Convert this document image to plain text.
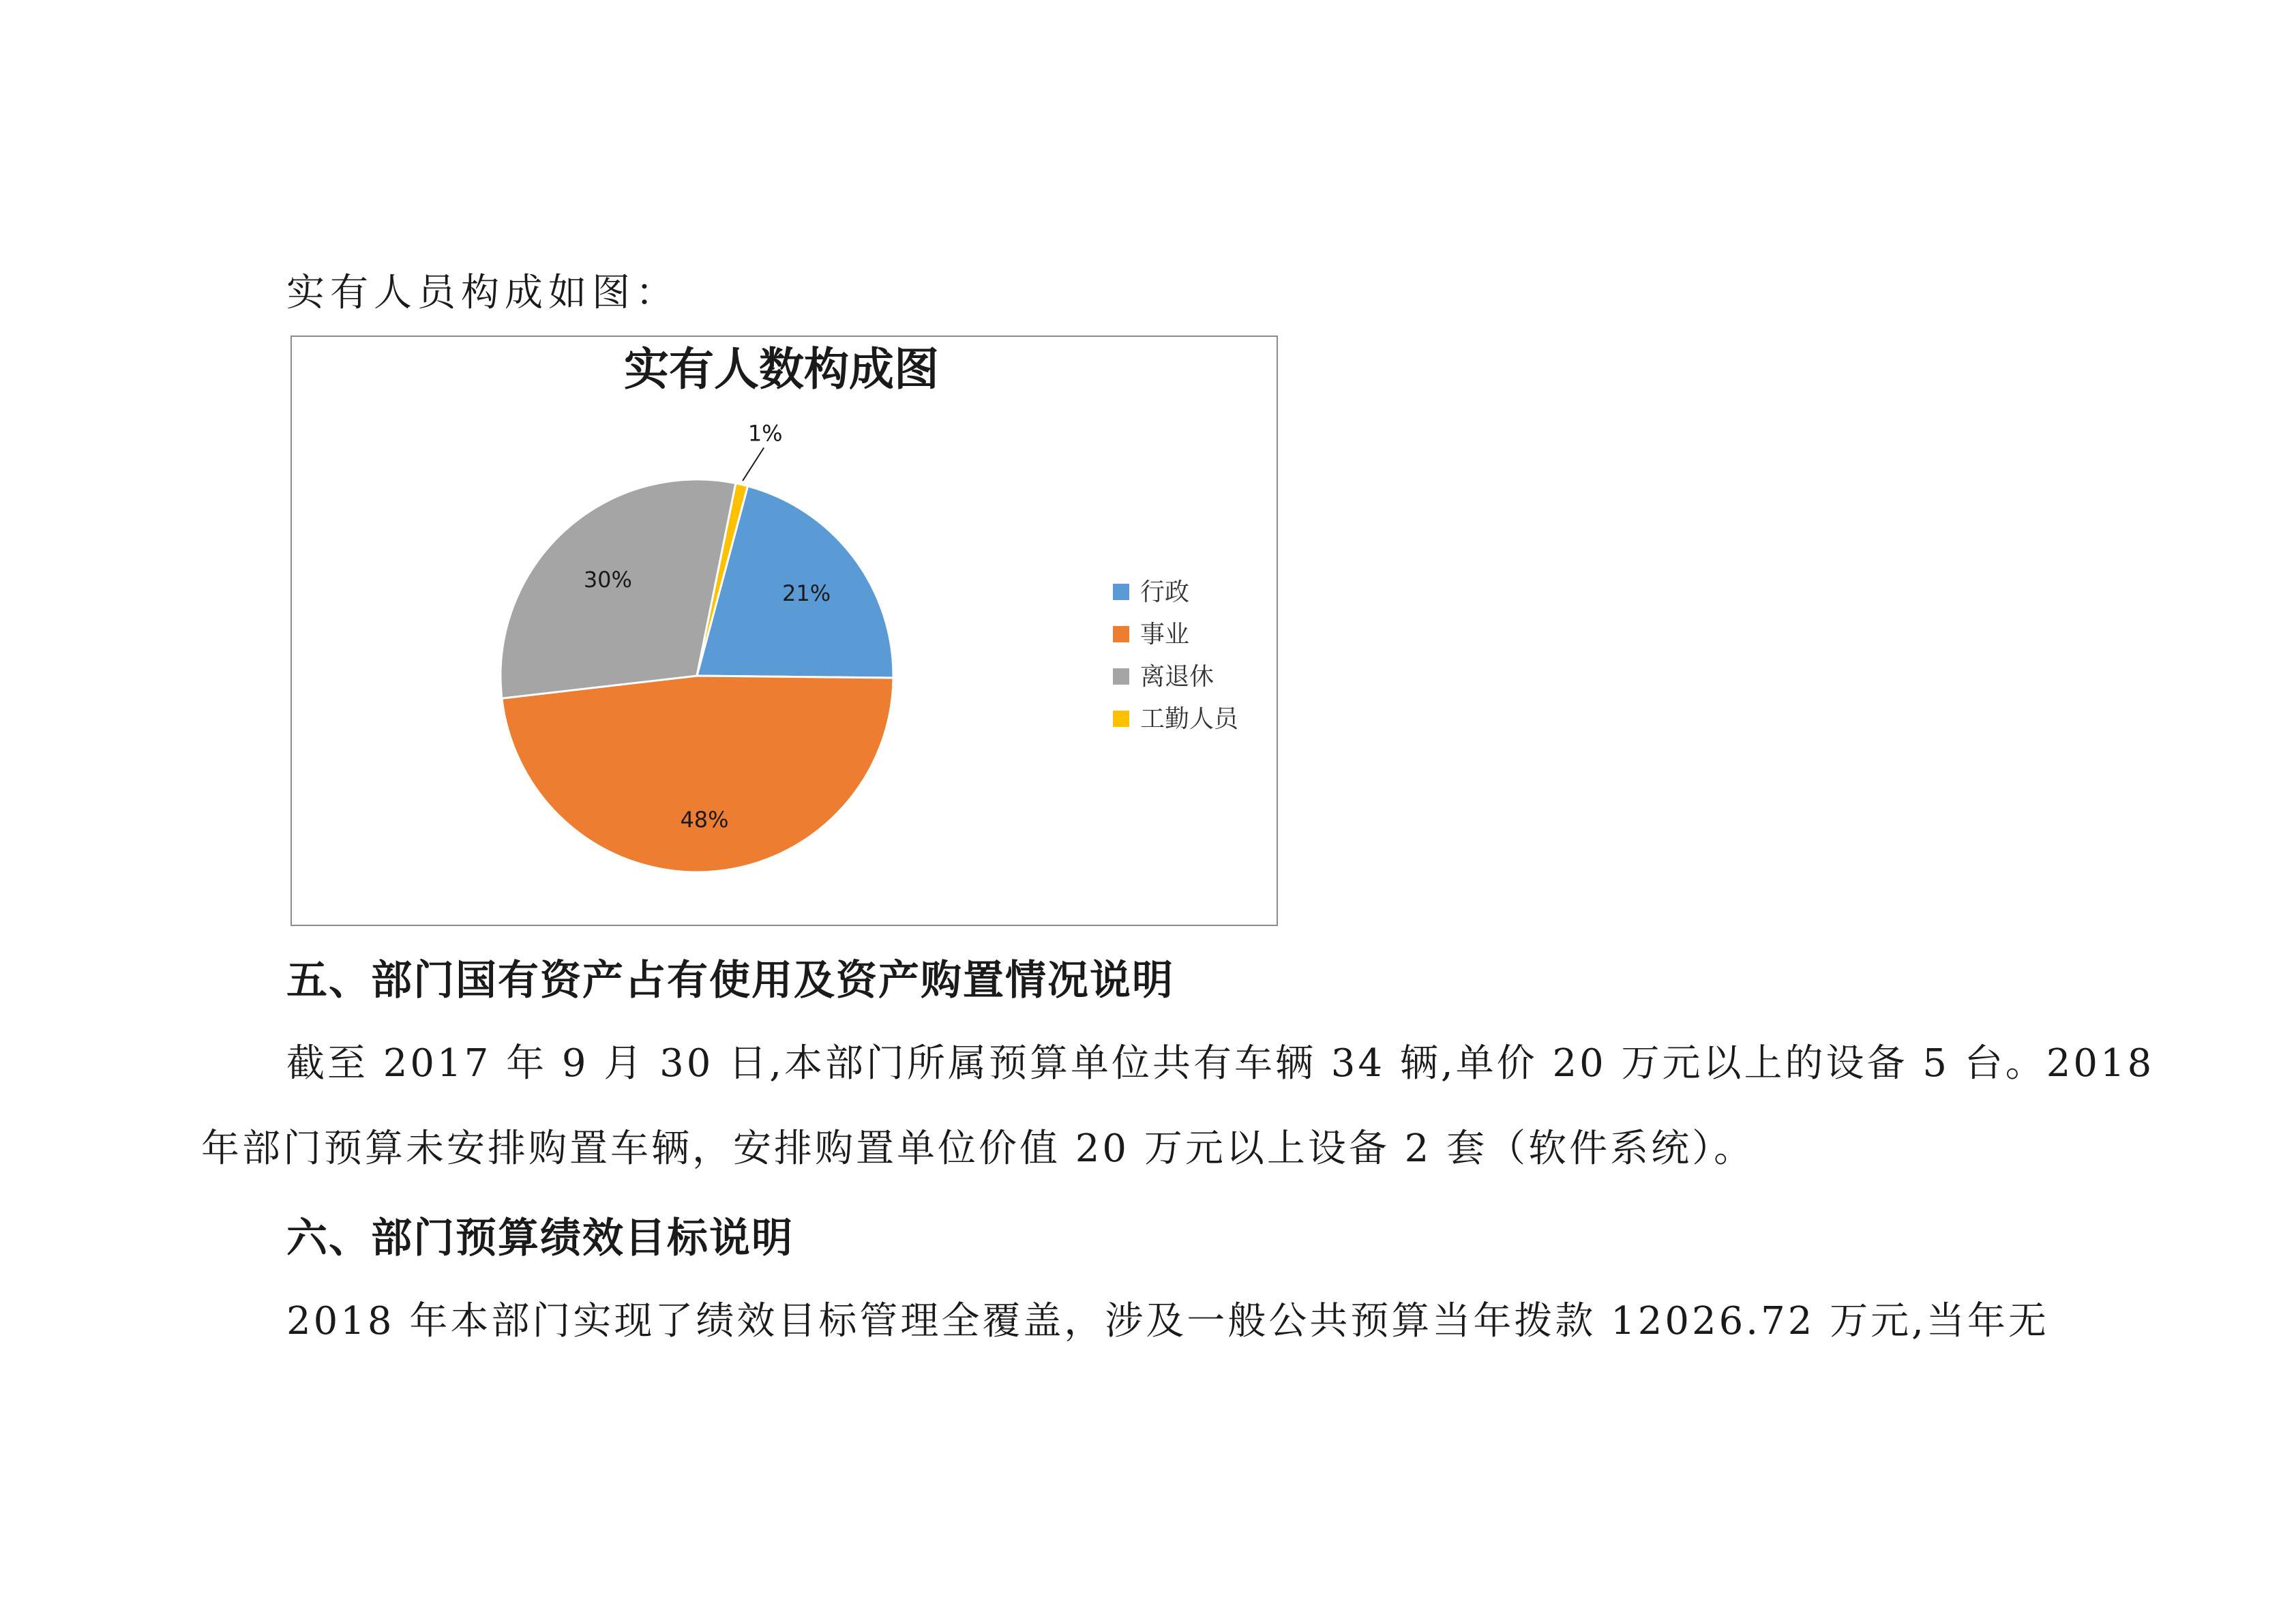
实有人员构成如图：
实有人数构成图
21%
48%
30%
1%
行政
事业
离退休
工勤人员
五、部门国有资产占有使用及资产购置情况说明
截至 2017 年 9 月 30 日,本部门所属预算单位共有车辆 34 辆,单价 20 万元以上的设备 5 台。2018
年部门预算未安排购置车辆，安排购置单位价值 20 万元以上设备 2 套（软件系统）。
六、部门预算绩效目标说明
2018 年本部门实现了绩效目标管理全覆盖，涉及一般公共预算当年拨款 12026.72 万元,当年无
